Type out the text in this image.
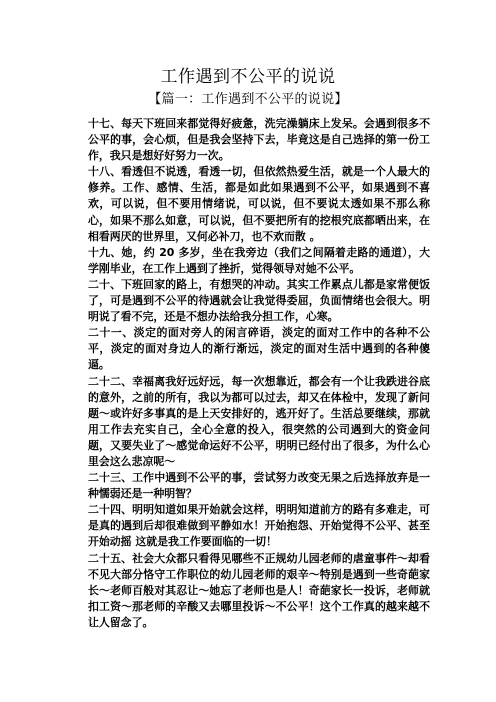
工作遇到不公平的说说
【篇一：工作遇到不公平的说说】

十七、每天下班回来都觉得好疲惫，洗完澡躺床上发呆。会遇到很多不公平的事，会心烦，但是我会坚持下去，毕竟这是自己选择的第一份工作，我只是想好好努力一次。

十八、看透但不说透，看透一切，但依然热爱生活，就是一个人最大的修养。工作、感情、生活，都是如此如果遇到不公平，如果遇到不喜欢，可以说，但不要用情绪说，可以说，但不要说太透如果不那么称心，如果不那么如意，可以说，但不要把所有的挖根究底都晒出来，在相看两厌的世界里，又何必补刀，也不欢而散 。

十九、她，约 20 多岁，坐在我旁边（我们之间隔着走路的通道），大学刚毕业，在工作上遇到了挫折，觉得领导对她不公平。

二十、下班回家的路上，有想哭的冲动。其实工作累点儿都是家常便饭了，可是遇到不公平的待遇就会让我觉得委屈，负面情绪也会很大。明明说了看不完，还是不想办法给我分担工作，心寒。

二十一、淡定的面对旁人的闲言碎语，淡定的面对工作中的各种不公平，淡定的面对身边人的渐行渐远，淡定的面对生活中遇到的各种傻逼。

二十二、幸福离我好远好远，每一次想靠近，都会有一个让我跌进谷底的意外，之前的所有，我以为都可以过去，却又在体检中，发现了新问题～或许好多事真的是上天安排好的，逃开好了。生活总要继续，那就用工作去充实自己，全心全意的投入，很突然的公司遇到大的资金问题，又要失业了～感觉命运好不公平，明明已经付出了很多，为什么心里会这么悲凉呢～

二十三、工作中遇到不公平的事，尝试努力改变无果之后选择放弃是一种懦弱还是一种明智？

二十四、明明知道如果开始就会这样，明明知道前方的路有多难走，可是真的遇到后却很难做到平静如水！开始抱怨、开始觉得不公平、甚至开始动摇 这就是我工作要面临的一切！

二十五、社会大众都只看得见哪些不正规幼儿园老师的虐童事件～却看不见大部分恪守工作职位的幼儿园老师的艰辛～特别是遇到一些奇葩家长～老师百般对其忍让～她忘了老师也是人！奇葩家长一投诉，老师就扣工资～那老师的辛酸又去哪里投诉～不公平！这个工作真的越来越不让人留念了。
